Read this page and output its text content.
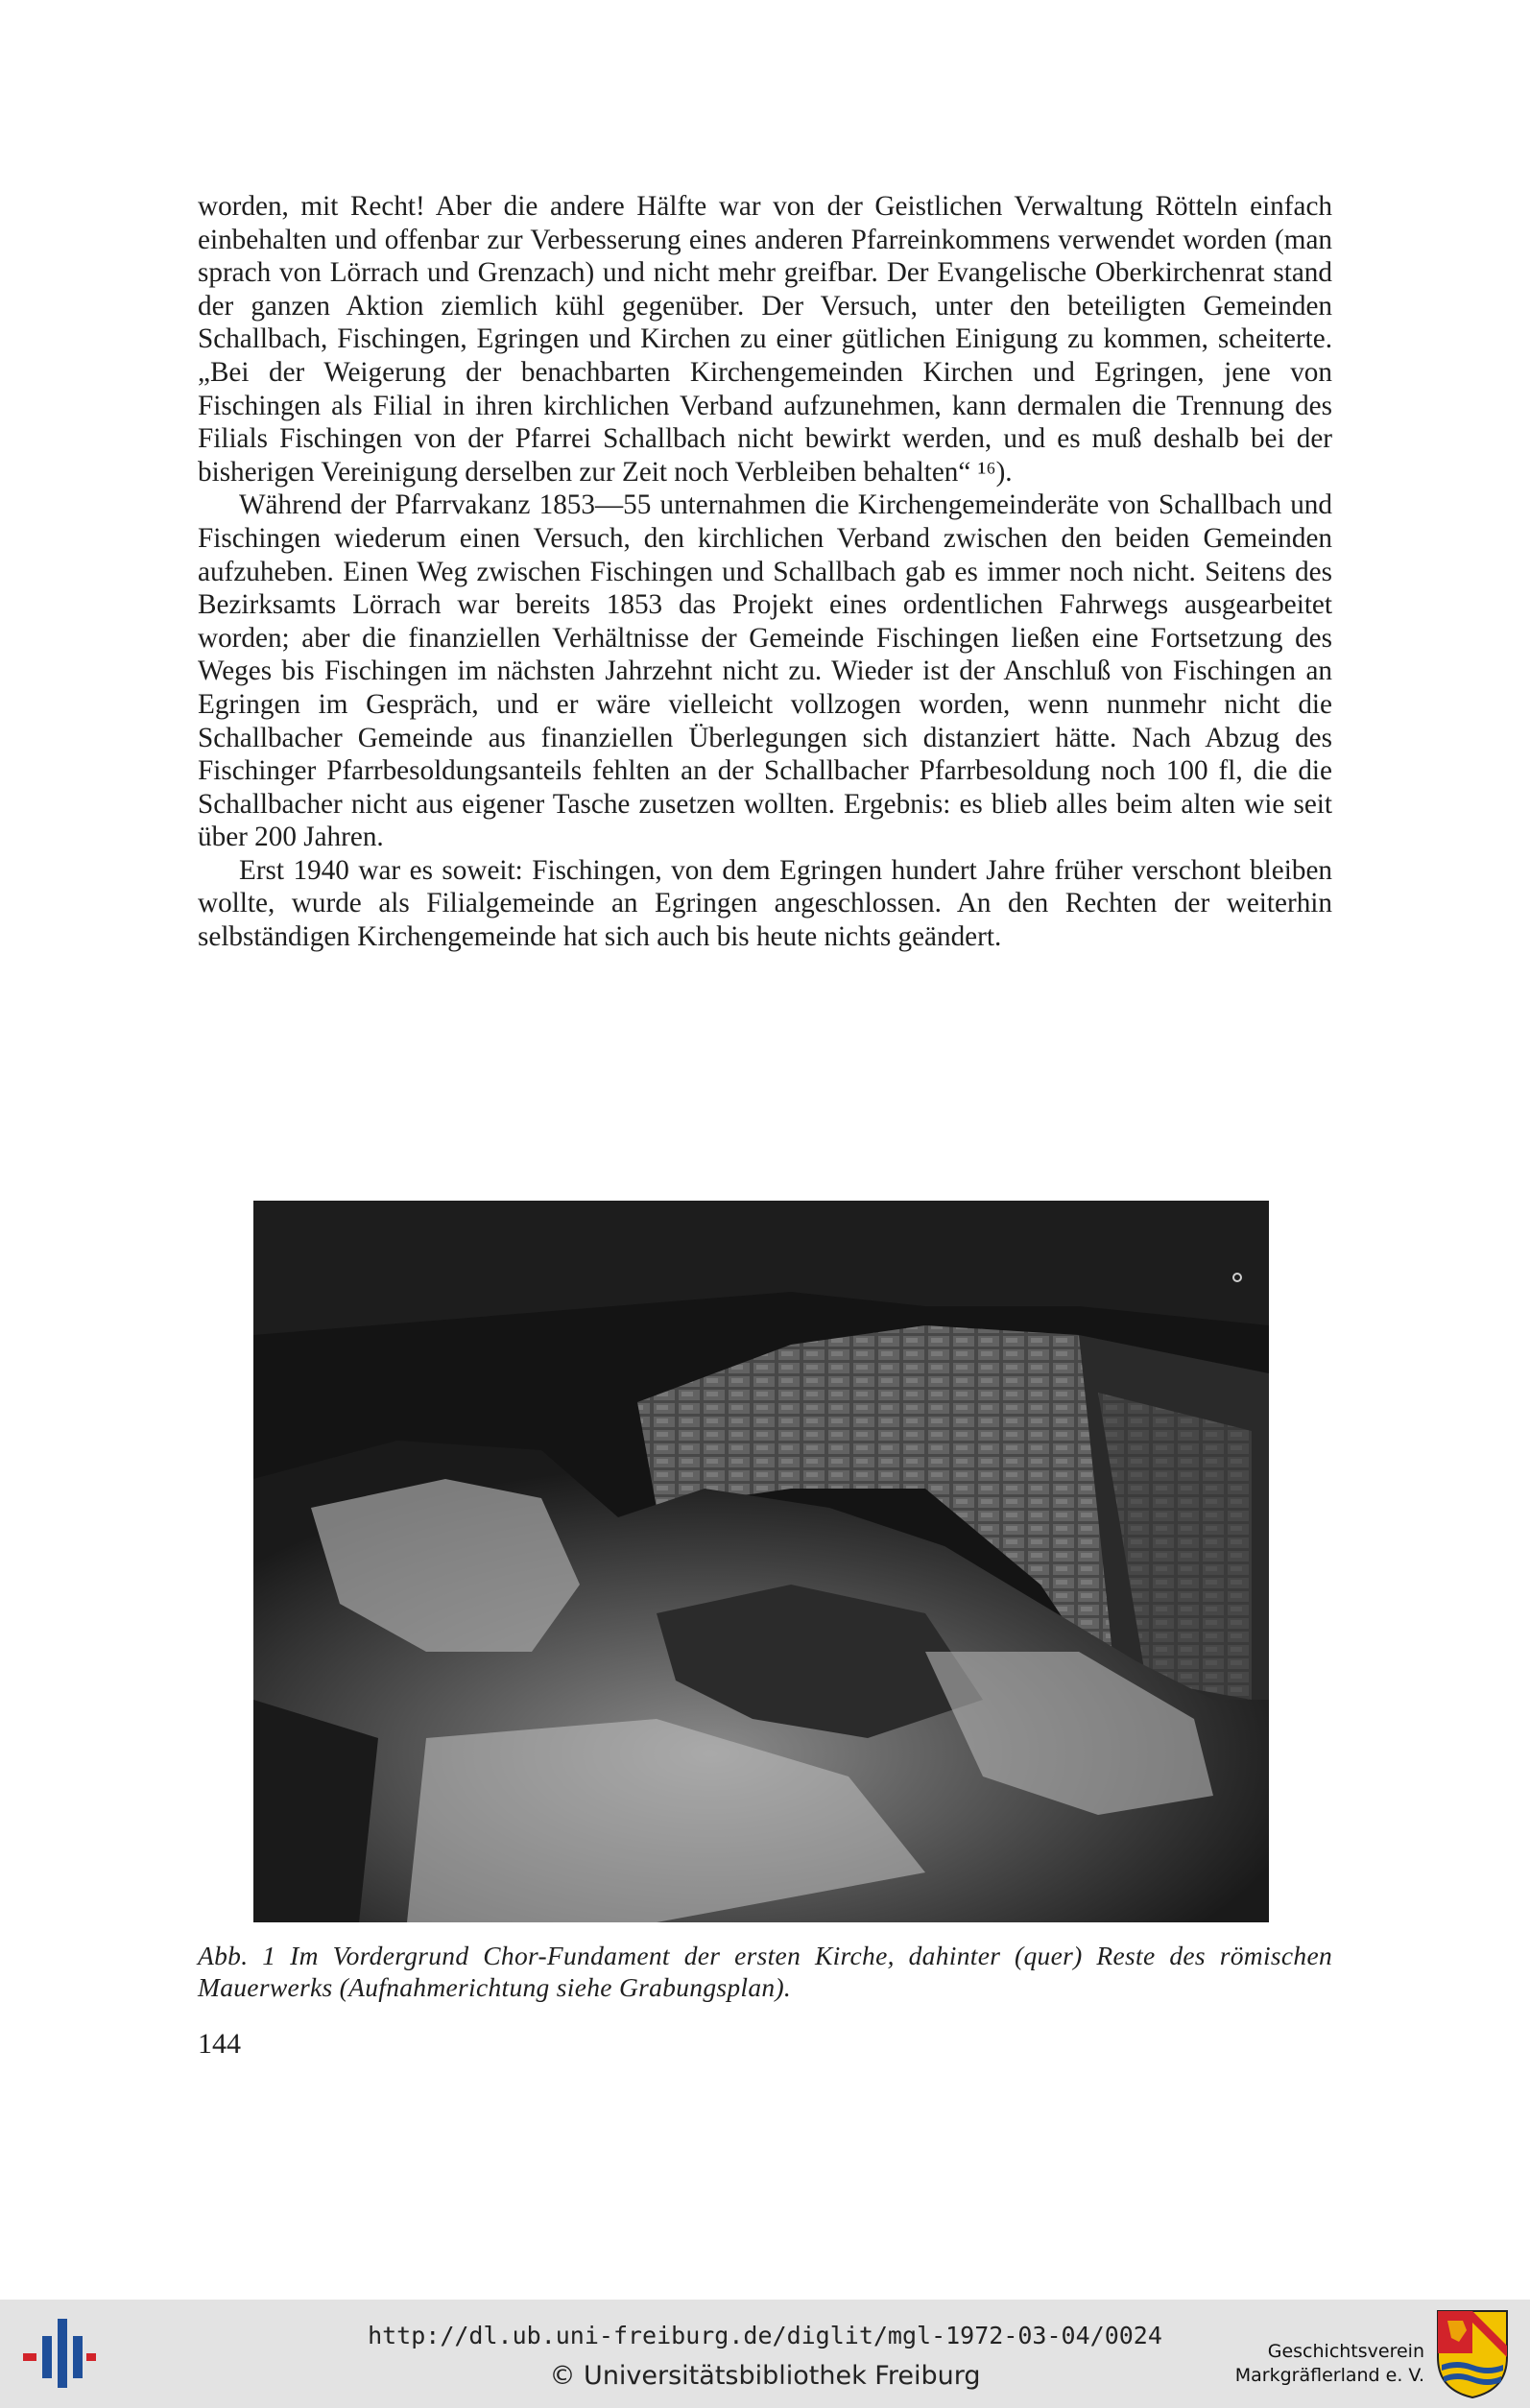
worden, mit Recht! Aber die andere Hälfte war von der Geistlichen Verwaltung Rötteln einfach einbehalten und offenbar zur Verbesserung eines anderen Pfarreinkommens verwendet worden (man sprach von Lörrach und Grenzach) und nicht mehr greifbar. Der Evangelische Oberkirchenrat stand der ganzen Aktion ziemlich kühl gegenüber. Der Versuch, unter den beteiligten Gemeinden Schallbach, Fischingen, Egringen und Kirchen zu einer gütlichen Einigung zu kommen, scheiterte. „Bei der Weigerung der benachbarten Kirchengemeinden Kirchen und Egringen, jene von Fischingen als Filial in ihren kirchlichen Verband aufzunehmen, kann dermalen die Trennung des Filials Fischingen von der Pfarrei Schallbach nicht bewirkt werden, und es muß deshalb bei der bisherigen Vereinigung derselben zur Zeit noch Verbleiben behalten“ ¹⁶).

Während der Pfarrvakanz 1853—55 unternahmen die Kirchengemeinderäte von Schallbach und Fischingen wiederum einen Versuch, den kirchlichen Verband zwischen den beiden Gemeinden aufzuheben. Einen Weg zwischen Fischingen und Schallbach gab es immer noch nicht. Seitens des Bezirksamts Lörrach war bereits 1853 das Projekt eines ordentlichen Fahrwegs ausgearbeitet worden; aber die finanziellen Verhältnisse der Gemeinde Fischingen ließen eine Fortsetzung des Weges bis Fischingen im nächsten Jahrzehnt nicht zu. Wieder ist der Anschluß von Fischingen an Egringen im Gespräch, und er wäre vielleicht vollzogen worden, wenn nunmehr nicht die Schallbacher Gemeinde aus finanziellen Überlegungen sich distanziert hätte. Nach Abzug des Fischinger Pfarrbesoldungsanteils fehlten an der Schallbacher Pfarrbesoldung noch 100 fl, die die Schallbacher nicht aus eigener Tasche zusetzen wollten. Ergebnis: es blieb alles beim alten wie seit über 200 Jahren.

Erst 1940 war es soweit: Fischingen, von dem Egringen hundert Jahre früher verschont bleiben wollte, wurde als Filialgemeinde an Egringen angeschlossen. An den Rechten der weiterhin selbständigen Kirchengemeinde hat sich auch bis heute nichts geändert.

Abb. 1 Im Vordergrund Chor-Fundament der ersten Kirche, dahinter (quer) Reste des römischen Mauerwerks (Aufnahmerichtung siehe Grabungsplan).
144
http://dl.ub.uni-freiburg.de/diglit/mgl-1972-03-04/0024
© Universitätsbibliothek Freiburg
Geschichtsverein
Markgräflerland e. V.
